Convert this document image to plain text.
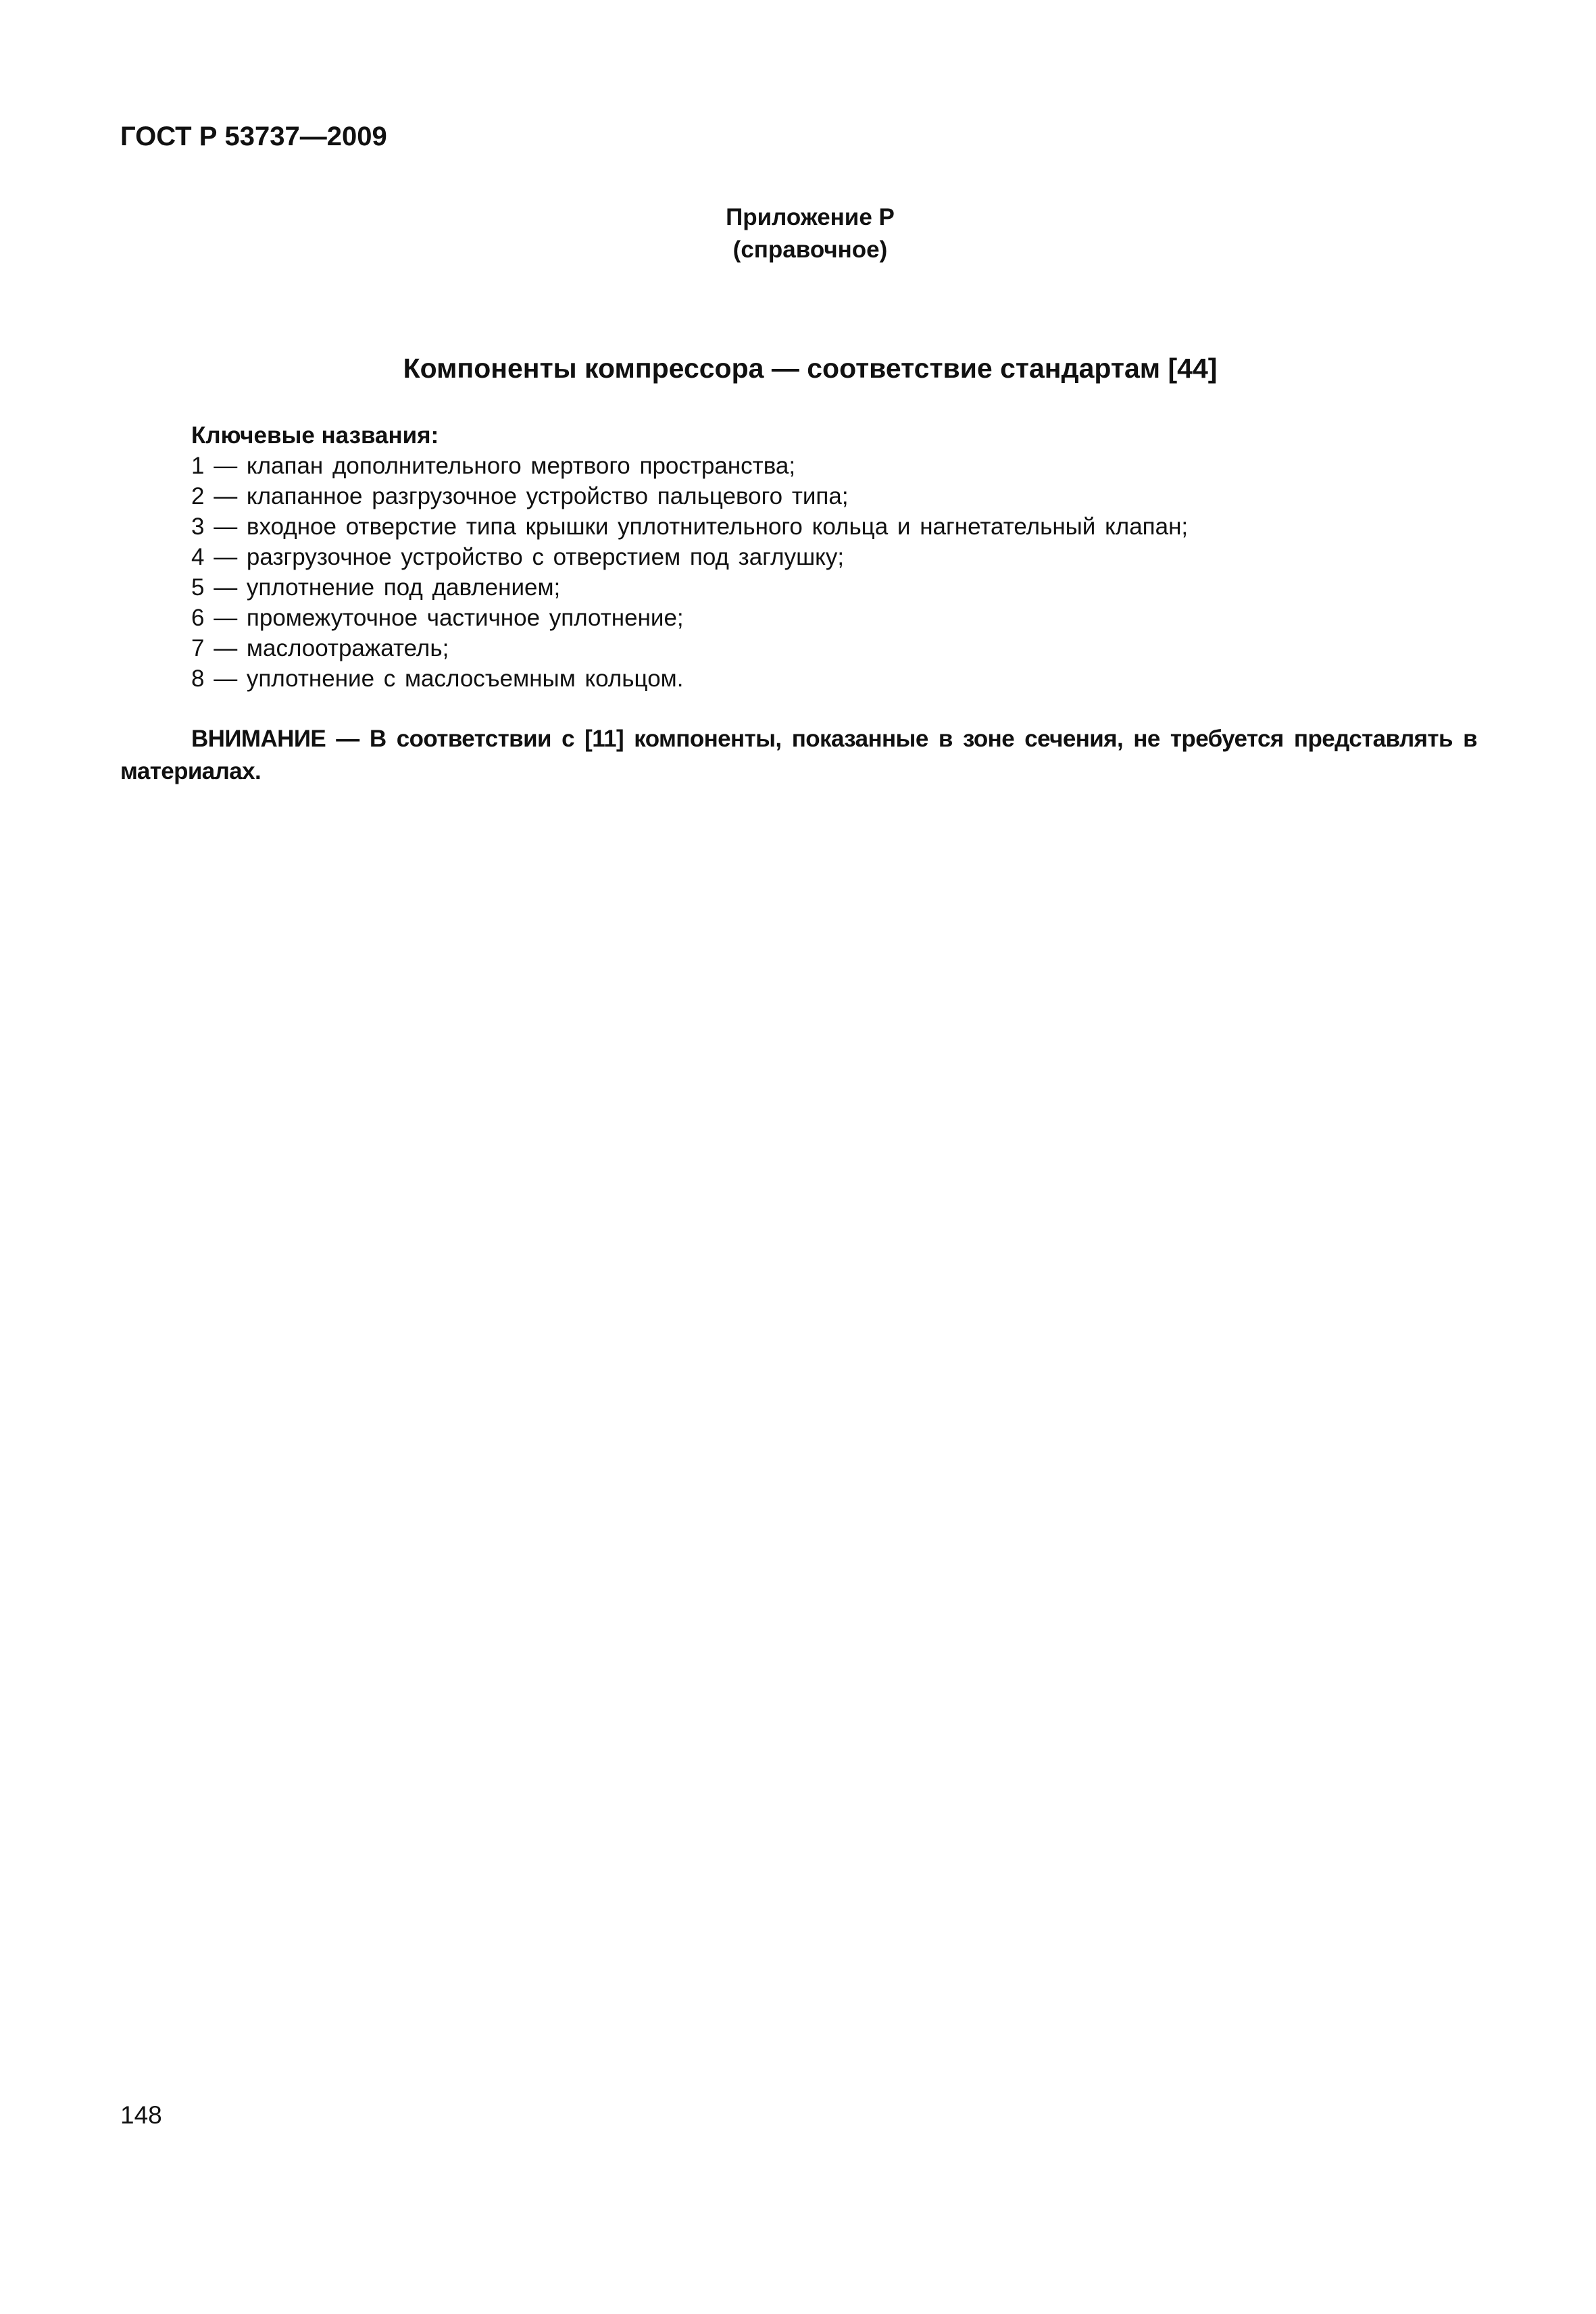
ГОСТ Р 53737—2009
Приложение Р
(справочное)
Компоненты компрессора — соответствие стандартам [44]
Ключевые названия:
1 — клапан дополнительного мертвого пространства;
2 — клапанное разгрузочное устройство пальцевого типа;
3 — входное отверстие типа крышки уплотнительного кольца и нагнетательный клапан;
4 — разгрузочное устройство с отверстием под заглушку;
5 — уплотнение под давлением;
6 — промежуточное частичное уплотнение;
7 — маслоотражатель;
8 — уплотнение с маслосъемным кольцом.
ВНИМАНИЕ — В соответствии с [11] компоненты, показанные в зоне сечения, не требуется представлять в материалах.
148
